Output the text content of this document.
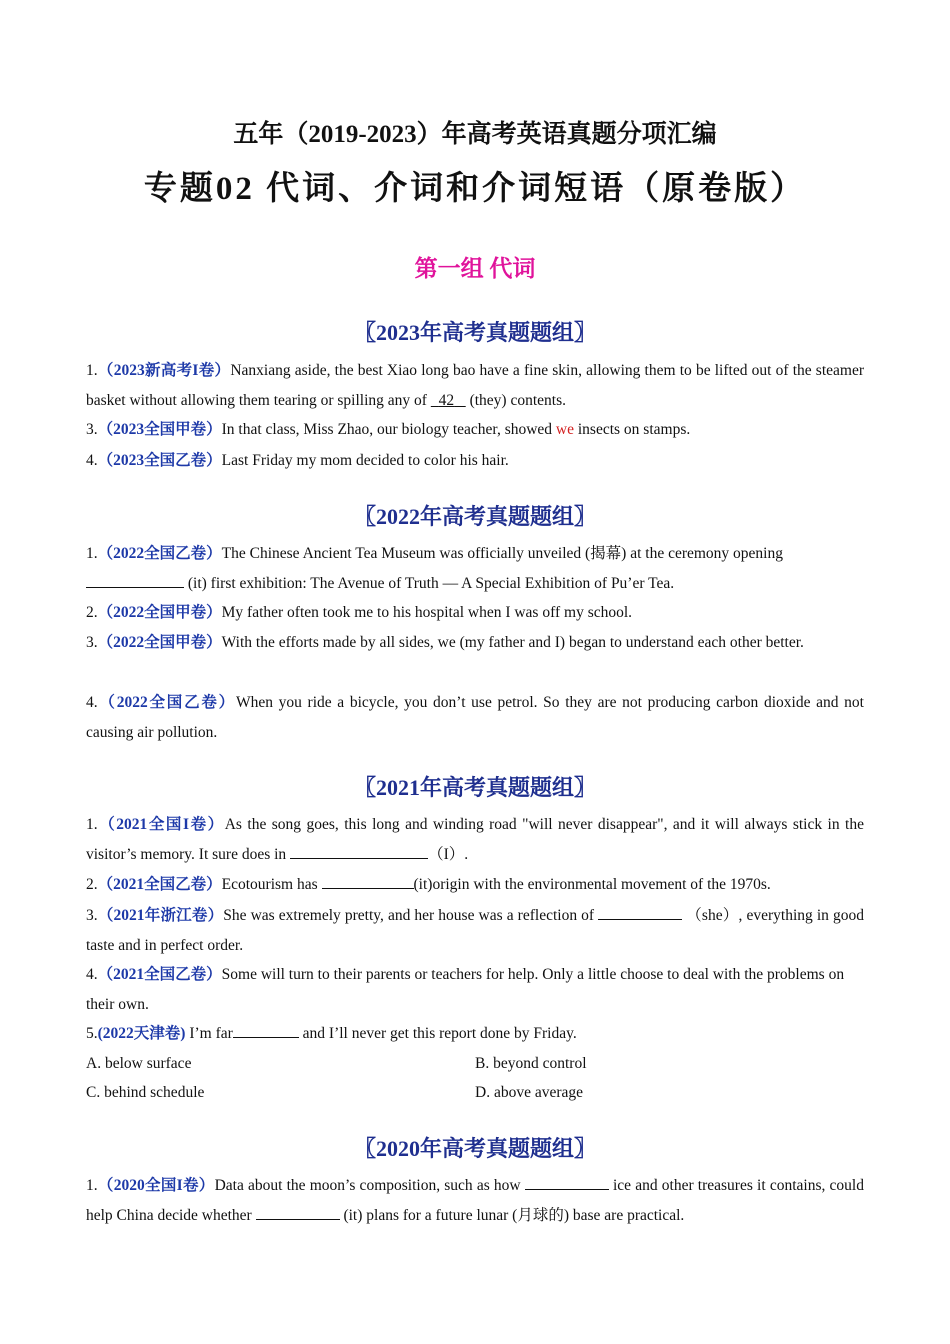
五年（2019-2023）年高考英语真题分项汇编
专题02 代词、介词和介词短语（原卷版）
第一组 代词
〖2023年高考真题题组〗
1.（2023新高考I卷）Nanxiang aside, the best Xiao long bao have a fine skin, allowing them to be lifted out of the steamer basket without allowing them tearing or spilling any of   42    (they) contents.
3.（2023全国甲卷）In that class, Miss Zhao, our biology teacher, showed we insects on stamps.
4.（2023全国乙卷）Last Friday my mom decided to color his hair.
〖2022年高考真题题组〗
1.（2022全国乙卷）The Chinese Ancient Tea Museum was officially unveiled (揭幕) at the ceremony opening
(it) first exhibition: The Avenue of Truth — A Special Exhibition of Pu’er Tea.
2.（2022全国甲卷）My father often took me to his hospital when I was off my school.
3.（2022全国甲卷）With the efforts made by all sides, we (my father and I) began to understand each other better.
4.（2022全国乙卷）When you ride a bicycle, you don’t use petrol. So they are not producing carbon dioxide and not causing air pollution.
〖2021年高考真题题组〗
1.（2021全国I卷）As the song goes, this long and winding road "will never disappear", and it will always stick in the visitor’s memory. It sure does in	（I）.
2.（2021全国乙卷）Ecotourism has	(it)origin with the environmental movement of the 1970s.
3.（2021年浙江卷）She was extremely pretty, and her house was a reflection of	（she）, everything in good taste and in perfect order.
4.（2021全国乙卷）Some will turn to their parents or teachers for help. Only a little choose to deal with the problems on their own.
5.(2022天津卷) I’m far	and I’ll never get this report done by Friday.
A. below surface	B. beyond control
C. behind schedule	D. above average
〖2020年高考真题题组〗
1.（2020全国I卷）Data about the moon’s composition, such as how	ice and other treasures it contains, could help China decide whether	(it) plans for a future lunar (月球的) base are practical.
